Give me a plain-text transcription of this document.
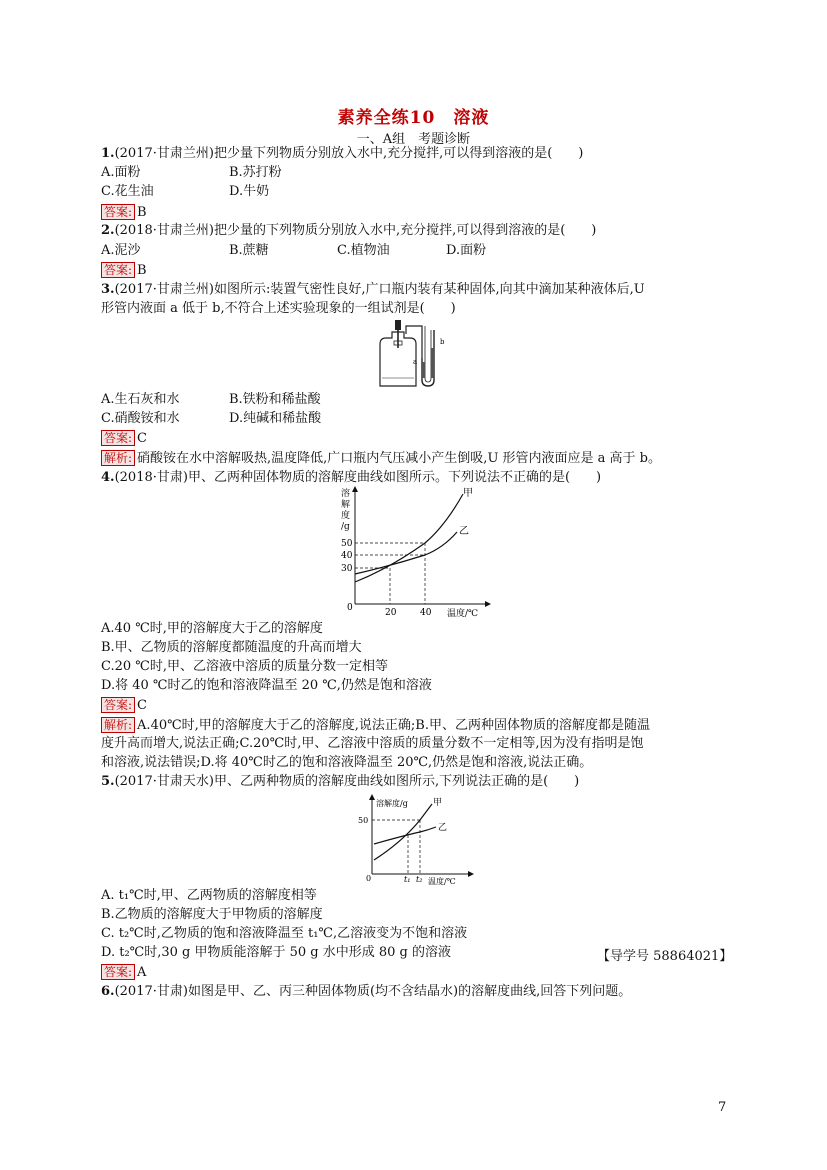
素养全练10　溶液
一、A组　考题诊断
1.(2017·甘肃兰州)把少量下列物质分别放入水中,充分搅拌,可以得到溶液的是(　　)
A.面粉	B.苏打粉
C.花生油	D.牛奶
答案: B
2.(2018·甘肃兰州)把少量的下列物质分别放入水中,充分搅拌,可以得到溶液的是(　　)
A.泥沙	B.蔗糖	C.植物油	D.面粉
答案: B
3.(2017·甘肃兰州)如图所示:装置气密性良好,广口瓶内装有某种固体,向其中滴加某种液体后,U
形管内液面 a 低于 b,不符合上述实验现象的一组试剂是(　　)
a
b
A.生石灰和水	B.铁粉和稀盐酸
C.硝酸铵和水	D.纯碱和稀盐酸
答案: C
解析: 硝酸铵在水中溶解吸热,温度降低,广口瓶内气压减小产生倒吸,U 形管内液面应是 a 高于 b。
4.(2018·甘肃)甲、乙两种固体物质的溶解度曲线如图所示。下列说法不正确的是(　　)
溶
解
度
/g
50
40
30
0	20	40 温度/℃
甲
乙
A.40 ℃时,甲的溶解度大于乙的溶解度
B.甲、乙物质的溶解度都随温度的升高而增大
C.20 ℃时,甲、乙溶液中溶质的质量分数一定相等
D.将 40 ℃时乙的饱和溶液降温至 20 ℃,仍然是饱和溶液
答案: C
解析: A.40℃时,甲的溶解度大于乙的溶解度,说法正确;B.甲、乙两种固体物质的溶解度都是随温
度升高而增大,说法正确;C.20℃时,甲、乙溶液中溶质的质量分数不一定相等,因为没有指明是饱
和溶液,说法错误;D.将 40℃时乙的饱和溶液降温至 20℃,仍然是饱和溶液,说法正确。
5.(2017·甘肃天水)甲、乙两种物质的溶解度曲线如图所示,下列说法正确的是(　　)
溶解度/g
50
0	t₁ t₂ 温度/℃
甲
乙
A. t₁℃时,甲、乙两物质的溶解度相等
B.乙物质的溶解度大于甲物质的溶解度
C. t₂℃时,乙物质的饱和溶液降温至 t₁℃,乙溶液变为不饱和溶液
D. t₂℃时,30 g 甲物质能溶解于 50 g 水中形成 80 g 的溶液	【导学号 58864021】
答案: A
6.(2017·甘肃)如图是甲、乙、丙三种固体物质(均不含结晶水)的溶解度曲线,回答下列问题。
7
